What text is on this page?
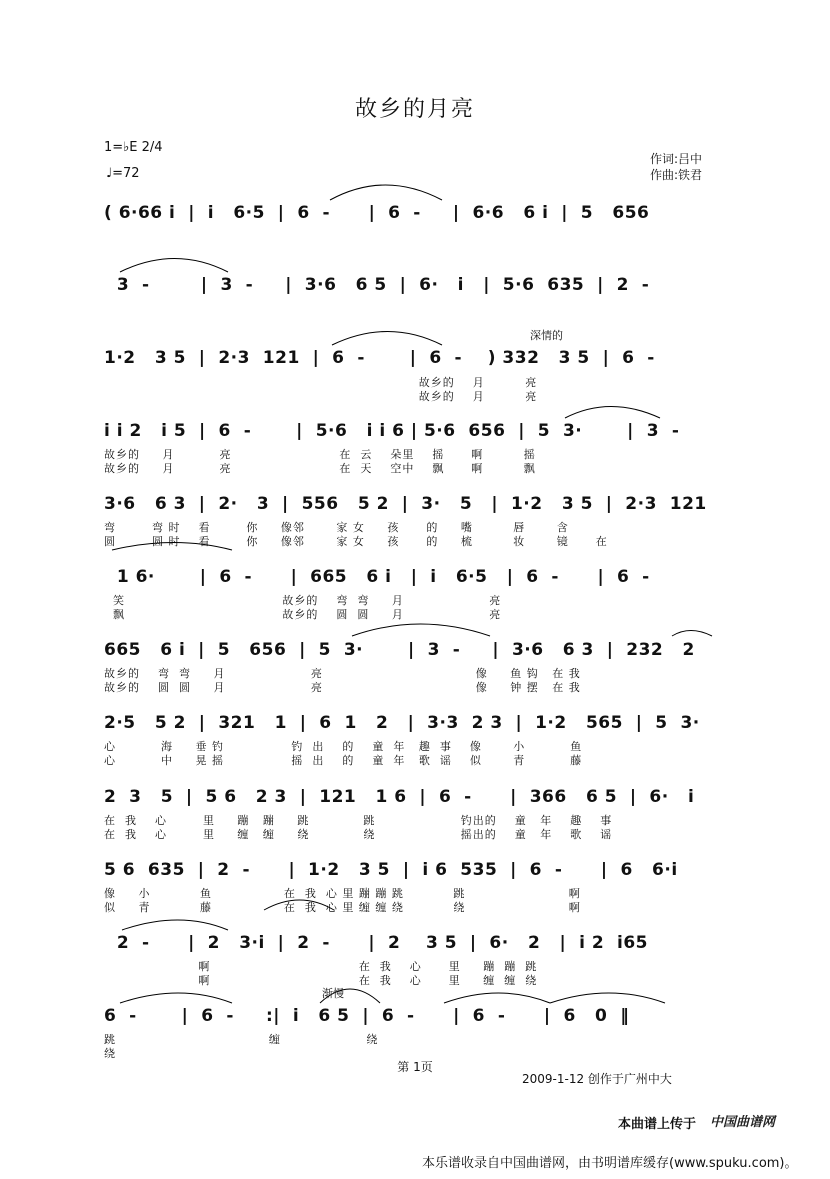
故乡的月亮
1=♭E 2/4
♩=72
作词:吕中
作曲:铁君
深情的
渐慢
( 6·66 i  |  i   6·5  |  6  -      |  6  -     |  6·6   6 i  |  5   656
3  -        |  3  -     |  3·6   6 5  |  6·   i   |  5·6  635  |  2  -
1·2   3 5  |  2·3  121  |  6  -       |  6  -    ) 332   3 5  |  6  -
故乡的    月         亮
故乡的    月         亮
i i 2   i 5  |  6  -       |  5·6   i i 6 | 5·6  656  |  5  3·       |  3  -
故乡的     月          亮                        在  云    朵里    摇      啊         摇
故乡的     月          亮                        在  天    空中    飘      啊         飘
3·6   6 3  |  2·   3  |  556   5 2  |  3·   5   |  1·2   3 5  |  2·3  121
弯        弯 时    看        你     像邻       家 女     孩      的     嘴         唇       含
圆        圆 时    看        你     像邻       家 女     孩      的     梳         妆       镜      在
1 6·       |  6  -      |  665   6 i   |  i   6·5   |  6  -      |  6  -
笑                                   故乡的    弯  弯     月                   亮
飘                                   故乡的    圆  圆     月                   亮
665   6 i  |  5   656  |  5  3·       |  3  -     |  3·6   6 3  |  232   2
故乡的    弯  弯     月                   亮                                  像     鱼 钩   在 我
故乡的    圆  圆     月                   亮                                  像     钟 摆   在 我
2·5   5 2  |  321   1  |  6  1   2   |  3·3  2 3  |  1·2   565  |  5  3·
心          海     垂 钓               钓  出    的    童  年   趣  事    像       小          鱼
心          中     晃 摇               摇  出    的    童  年   歌  谣    似       青          藤
2  3   5  |  5 6   2 3  |  121   1 6  |  6  -      |  366   6 5  |  6·   i
在  我    心        里     蹦   蹦     跳            跳                   钓出的    童   年    趣    事
在  我    心        里     缠   缠     绕            绕                   摇出的    童   年    歌    谣
5 6  635  |  2  -      |  1·2   3 5  |  i 6  535  |  6  -      |  6   6·i
像     小           鱼                在  我  心 里 蹦 蹦 跳           跳                       啊
似     青           藤                在  我  心 里 缠 缠 绕           绕                       啊
2  -      |  2   3·i  |  2  -      |  2    3 5  |  6·   2   |  i 2  i65
啊                                 在  我    心      里     蹦  蹦  跳
啊                                 在  我    心      里     缠  缠  绕
6  -       |  6  -     :|  i   6 5  |  6  -      |  6  -      |  6   0  ‖
跳                                  缠                   绕
绕
第 1页
2009-1-12 创作于广州中大
本曲谱上传于 中国曲谱网
本乐谱收录自中国曲谱网，由书明谱库缓存(www.spuku.com)。
